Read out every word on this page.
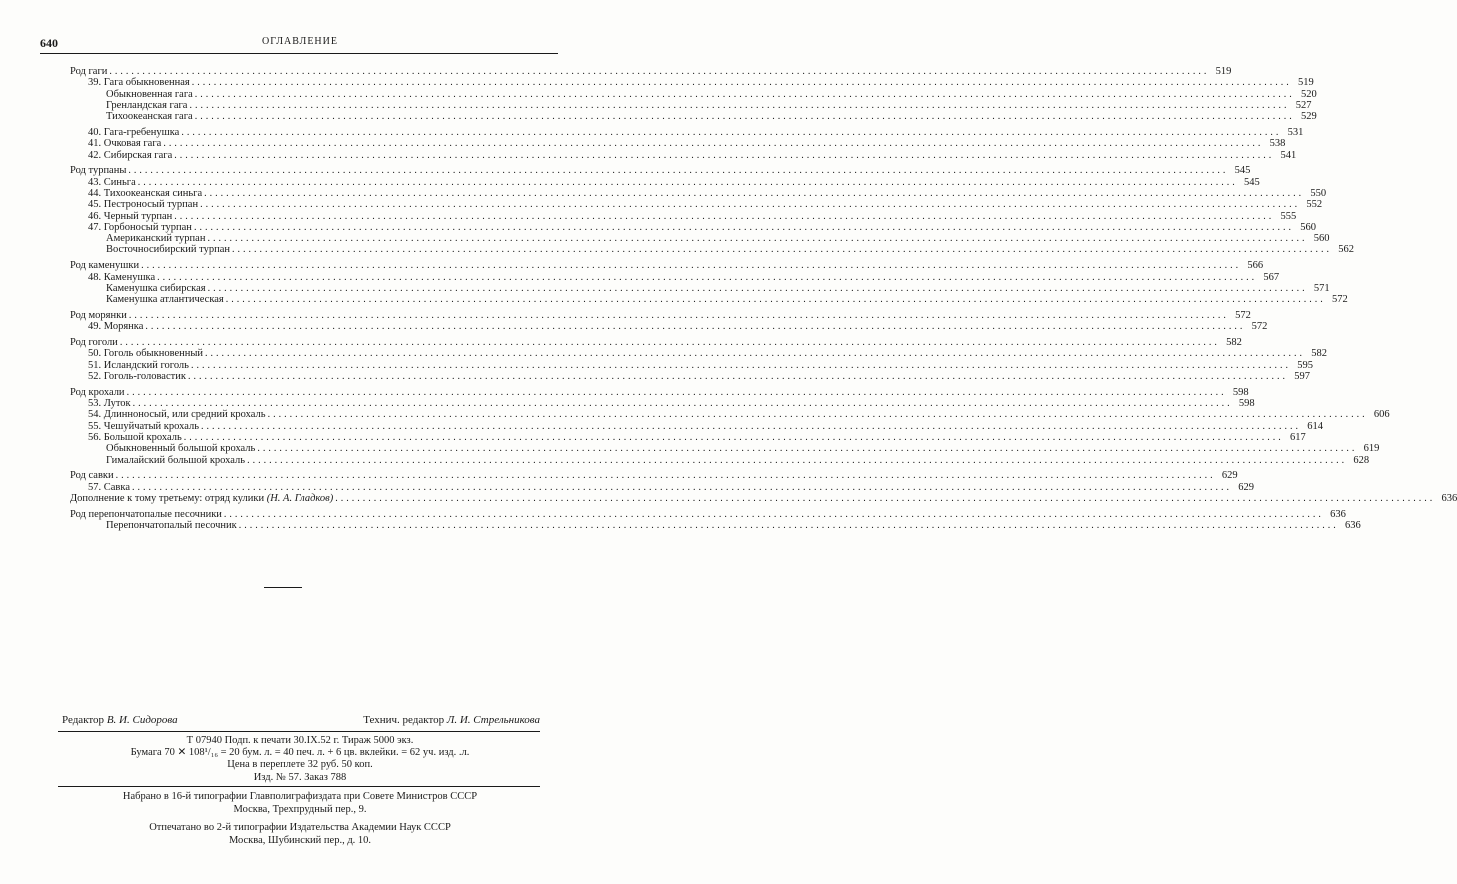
640	ОГЛАВЛЕНИЕ
Род гаги ........................................................................................................................................................................................................ 519
39. Гага обыкновенная ........................................................................................................................................................................................................ 519
Обыкновенная гага ........................................................................................................................................................................................................ 520
Гренландская гага ........................................................................................................................................................................................................ 527
Тихоокеанская гага ........................................................................................................................................................................................................ 529
40. Гага-гребенушка ........................................................................................................................................................................................................ 531
41. Очковая гага ........................................................................................................................................................................................................ 538
42. Сибирская гага ........................................................................................................................................................................................................ 541
Род турпаны ........................................................................................................................................................................................................ 545
43. Синьга ........................................................................................................................................................................................................ 545
44. Тихоокеанская синьга ........................................................................................................................................................................................................ 550
45. Пестроносый турпан ........................................................................................................................................................................................................ 552
46. Черный турпан ........................................................................................................................................................................................................ 555
47. Горбоносый турпан ........................................................................................................................................................................................................ 560
Американский турпан ........................................................................................................................................................................................................ 560
Восточносибирский турпан ........................................................................................................................................................................................................ 562
Род каменушки ........................................................................................................................................................................................................ 566
48. Каменушка ........................................................................................................................................................................................................ 567
Каменушка сибирская ........................................................................................................................................................................................................ 571
Каменушка атлантическая ........................................................................................................................................................................................................ 572
Род морянки ........................................................................................................................................................................................................ 572
49. Морянка ........................................................................................................................................................................................................ 572
Род гоголи ........................................................................................................................................................................................................ 582
50. Гоголь обыкновенный ........................................................................................................................................................................................................ 582
51. Исландский гоголь ........................................................................................................................................................................................................ 595
52. Гоголь-головастик ........................................................................................................................................................................................................ 597
Род крохали ........................................................................................................................................................................................................ 598
53. Луток ........................................................................................................................................................................................................ 598
54. Длинноносый, или средний крохаль ........................................................................................................................................................................................................ 606
55. Чешуйчатый крохаль ........................................................................................................................................................................................................ 614
56. Большой крохаль ........................................................................................................................................................................................................ 617
Обыкновенный большой крохаль ........................................................................................................................................................................................................ 619
Гималайский большой крохаль ........................................................................................................................................................................................................ 628
Род савки ........................................................................................................................................................................................................ 629
57. Савка ........................................................................................................................................................................................................ 629
Дополнение к тому третьему: отряд кулики (Н. А. Гладков) ........................................................................................................................................................................................................ 636
Род перепончатопалые песочники ........................................................................................................................................................................................................ 636
Перепончатопалый песочник ........................................................................................................................................................................................................ 636
Редактор В. И. Сидорова	Технич. редактор Л. И. Стрельникова
Т 07940 Подп. к печати 30.IX.52 г. Тираж 5000 экз.
Бумага 70 ✕ 108¹/₁₆ = 20 бум. л. = 40 печ. л. + 6 цв. вклейки. = 62 уч. изд. .л.
Цена в переплете 32 руб. 50 коп.
Изд. № 57. Заказ 788
Набрано в 16-й типографии Главполиграфиздата при Совете Министров СССР
Москва, Трехпрудный пер., 9.
Отпечатано во 2-й типографии Издательства Академии Наук СССР
Москва, Шубинский пер., д. 10.
